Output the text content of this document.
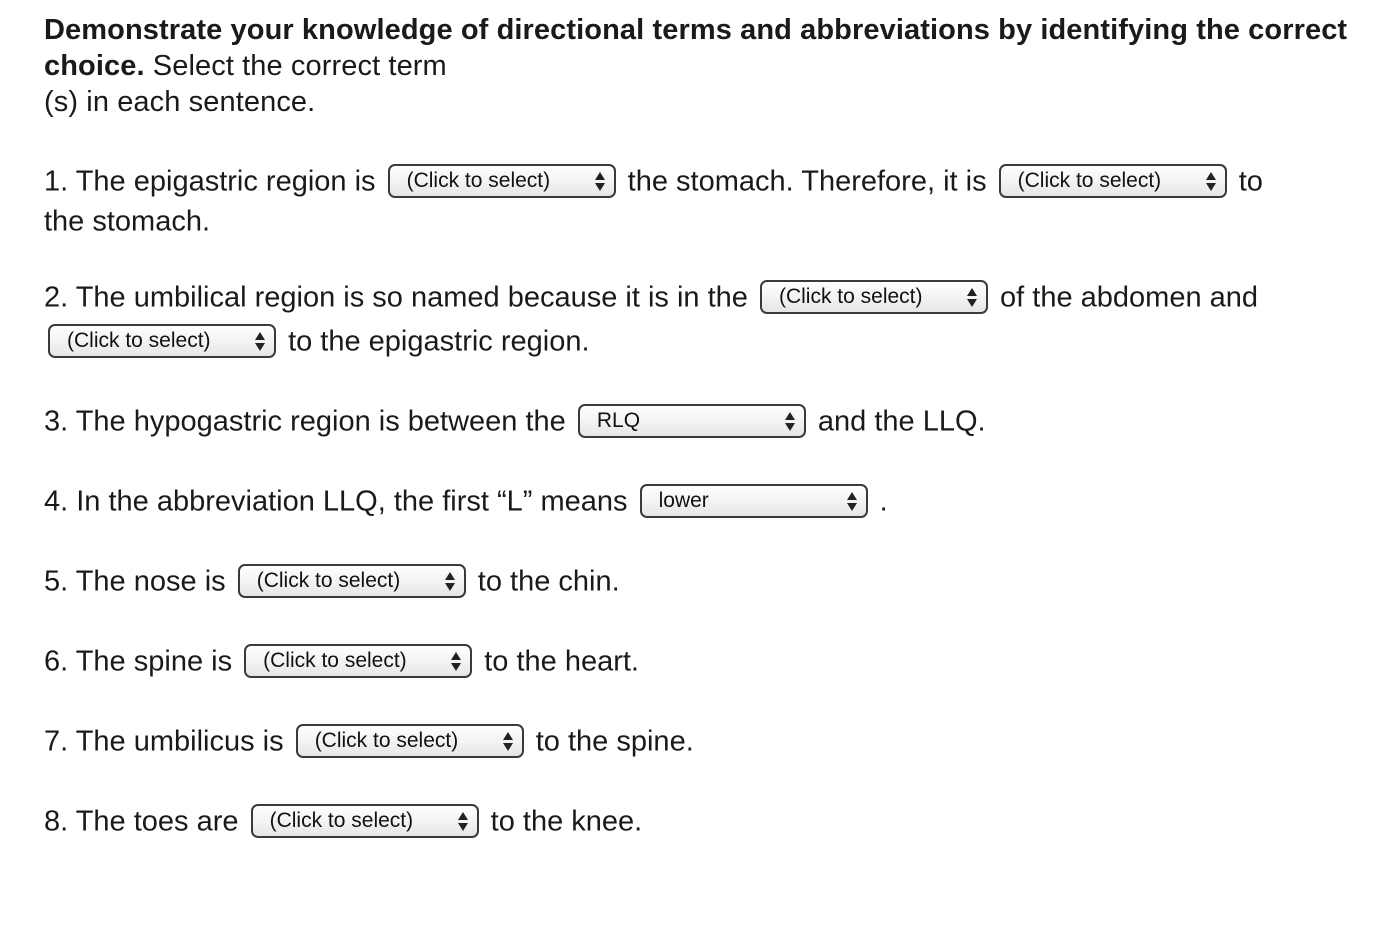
Demonstrate your knowledge of directional terms and abbreviations by identifying the correct choice. Select the correct term
(s) in each sentence.

1. The epigastric region is (Click to select)	the stomach. Therefore, it is (Click to select)	to
the stomach.
2. The umbilical region is so named because it is in the (Click to select)	of the abdomen and
(Click to select)	to the epigastric region.
3. The hypogastric region is between the RLQ	and the LLQ.
4. In the abbreviation LLQ, the first “L” means lower	.
5. The nose is (Click to select)	to the chin.
6. The spine is (Click to select)	to the heart.
7. The umbilicus is (Click to select)	to the spine.
8. The toes are (Click to select)	to the knee.
